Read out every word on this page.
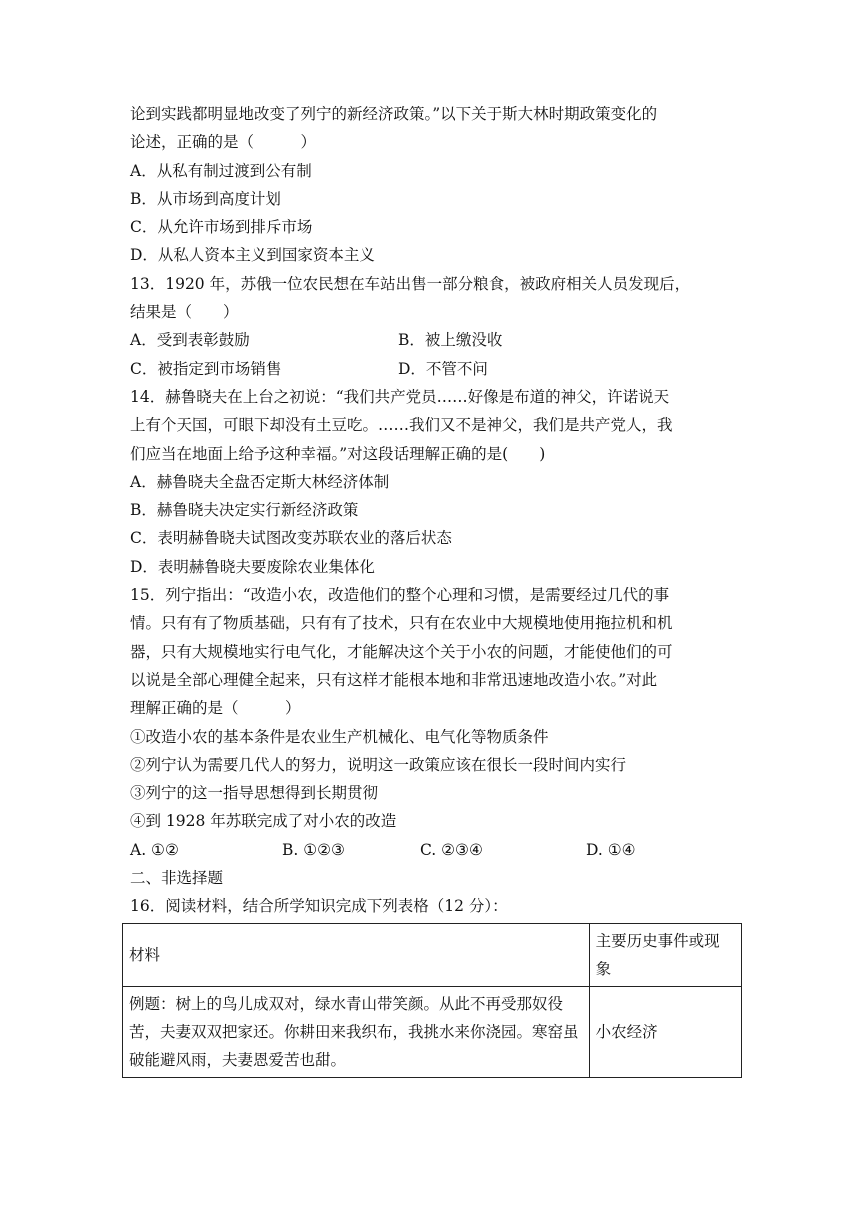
论到实践都明显地改变了列宁的新经济政策。”以下关于斯大林时期政策变化的
论述，正确的是（　　　）
A．从私有制过渡到公有制
B．从市场到高度计划
C．从允许市场到排斥市场
D．从私人资本主义到国家资本主义
13．1920 年，苏俄一位农民想在车站出售一部分粮食，被政府相关人员发现后，
结果是（　　）
A．受到表彰鼓励	B．被上缴没收
C．被指定到市场销售	D．不管不问
14．赫鲁晓夫在上台之初说：“我们共产党员……好像是布道的神父，许诺说天
上有个天国，可眼下却没有土豆吃。……我们又不是神父，我们是共产党人，我
们应当在地面上给予这种幸福。”对这段话理解正确的是(　　)
A．赫鲁晓夫全盘否定斯大林经济体制
B．赫鲁晓夫决定实行新经济政策
C．表明赫鲁晓夫试图改变苏联农业的落后状态
D．表明赫鲁晓夫要废除农业集体化
15．列宁指出：“改造小农，改造他们的整个心理和习惯，是需要经过几代的事
情。只有有了物质基础，只有有了技术，只有在农业中大规模地使用拖拉机和机
器，只有大规模地实行电气化，才能解决这个关于小农的问题，才能使他们的可
以说是全部心理健全起来，只有这样才能根本地和非常迅速地改造小农。”对此
理解正确的是（　　　）
①改造小农的基本条件是农业生产机械化、电气化等物质条件
②列宁认为需要几代人的努力，说明这一政策应该在很长一段时间内实行
③列宁的这一指导思想得到长期贯彻
④到 1928 年苏联完成了对小农的改造
A. ①②	B. ①②③	C. ②③④	D. ①④
二、非选择题
16．阅读材料，结合所学知识完成下列表格（12 分）：
材料	主要历史事件或现象
例题：树上的鸟儿成双对，绿水青山带笑颜。从此不再受那奴役苦，夫妻双双把家还。你耕田来我织布，我挑水来你浇园。寒窑虽破能避风雨，夫妻恩爱苦也甜。	小农经济
